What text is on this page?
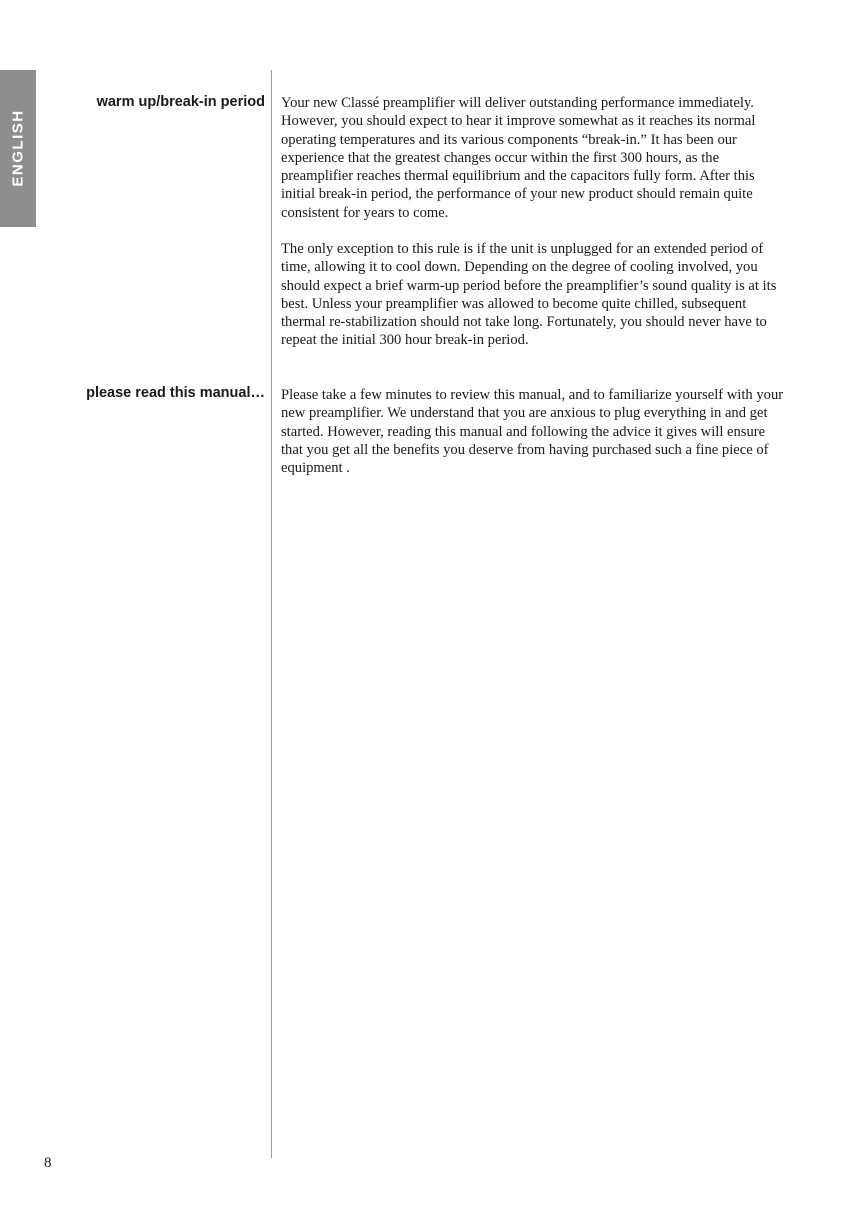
ENGLISH
warm up/break-in period Your new Classé preamplifier will deliver outstanding performance immediately. However, you should expect to hear it improve somewhat as it reaches its normal operating temperatures and its various components “break-in.” It has been our experience that the greatest changes occur within the first 300 hours, as the preamplifier reaches thermal equilibrium and the capacitors fully form. After this initial break-in period, the performance of your new product should remain quite consistent for years to come.

The only exception to this rule is if the unit is unplugged for an extended period of time, allowing it to cool down. Depending on the degree of cooling involved, you should expect a brief warm-up period before the preamplifier’s sound quality is at its best. Unless your preamplifier was allowed to become quite chilled, subsequent thermal re-stabilization should not take long. Fortunately, you should never have to repeat the initial 300 hour break-in period.

please read this manual… Please take a few minutes to review this manual, and to familiarize yourself with your new preamplifier. We understand that you are anxious to plug everything in and get started. However, reading this manual and following the advice it gives will ensure that you get all the benefits you deserve from having purchased such a fine piece of equipment .

8
